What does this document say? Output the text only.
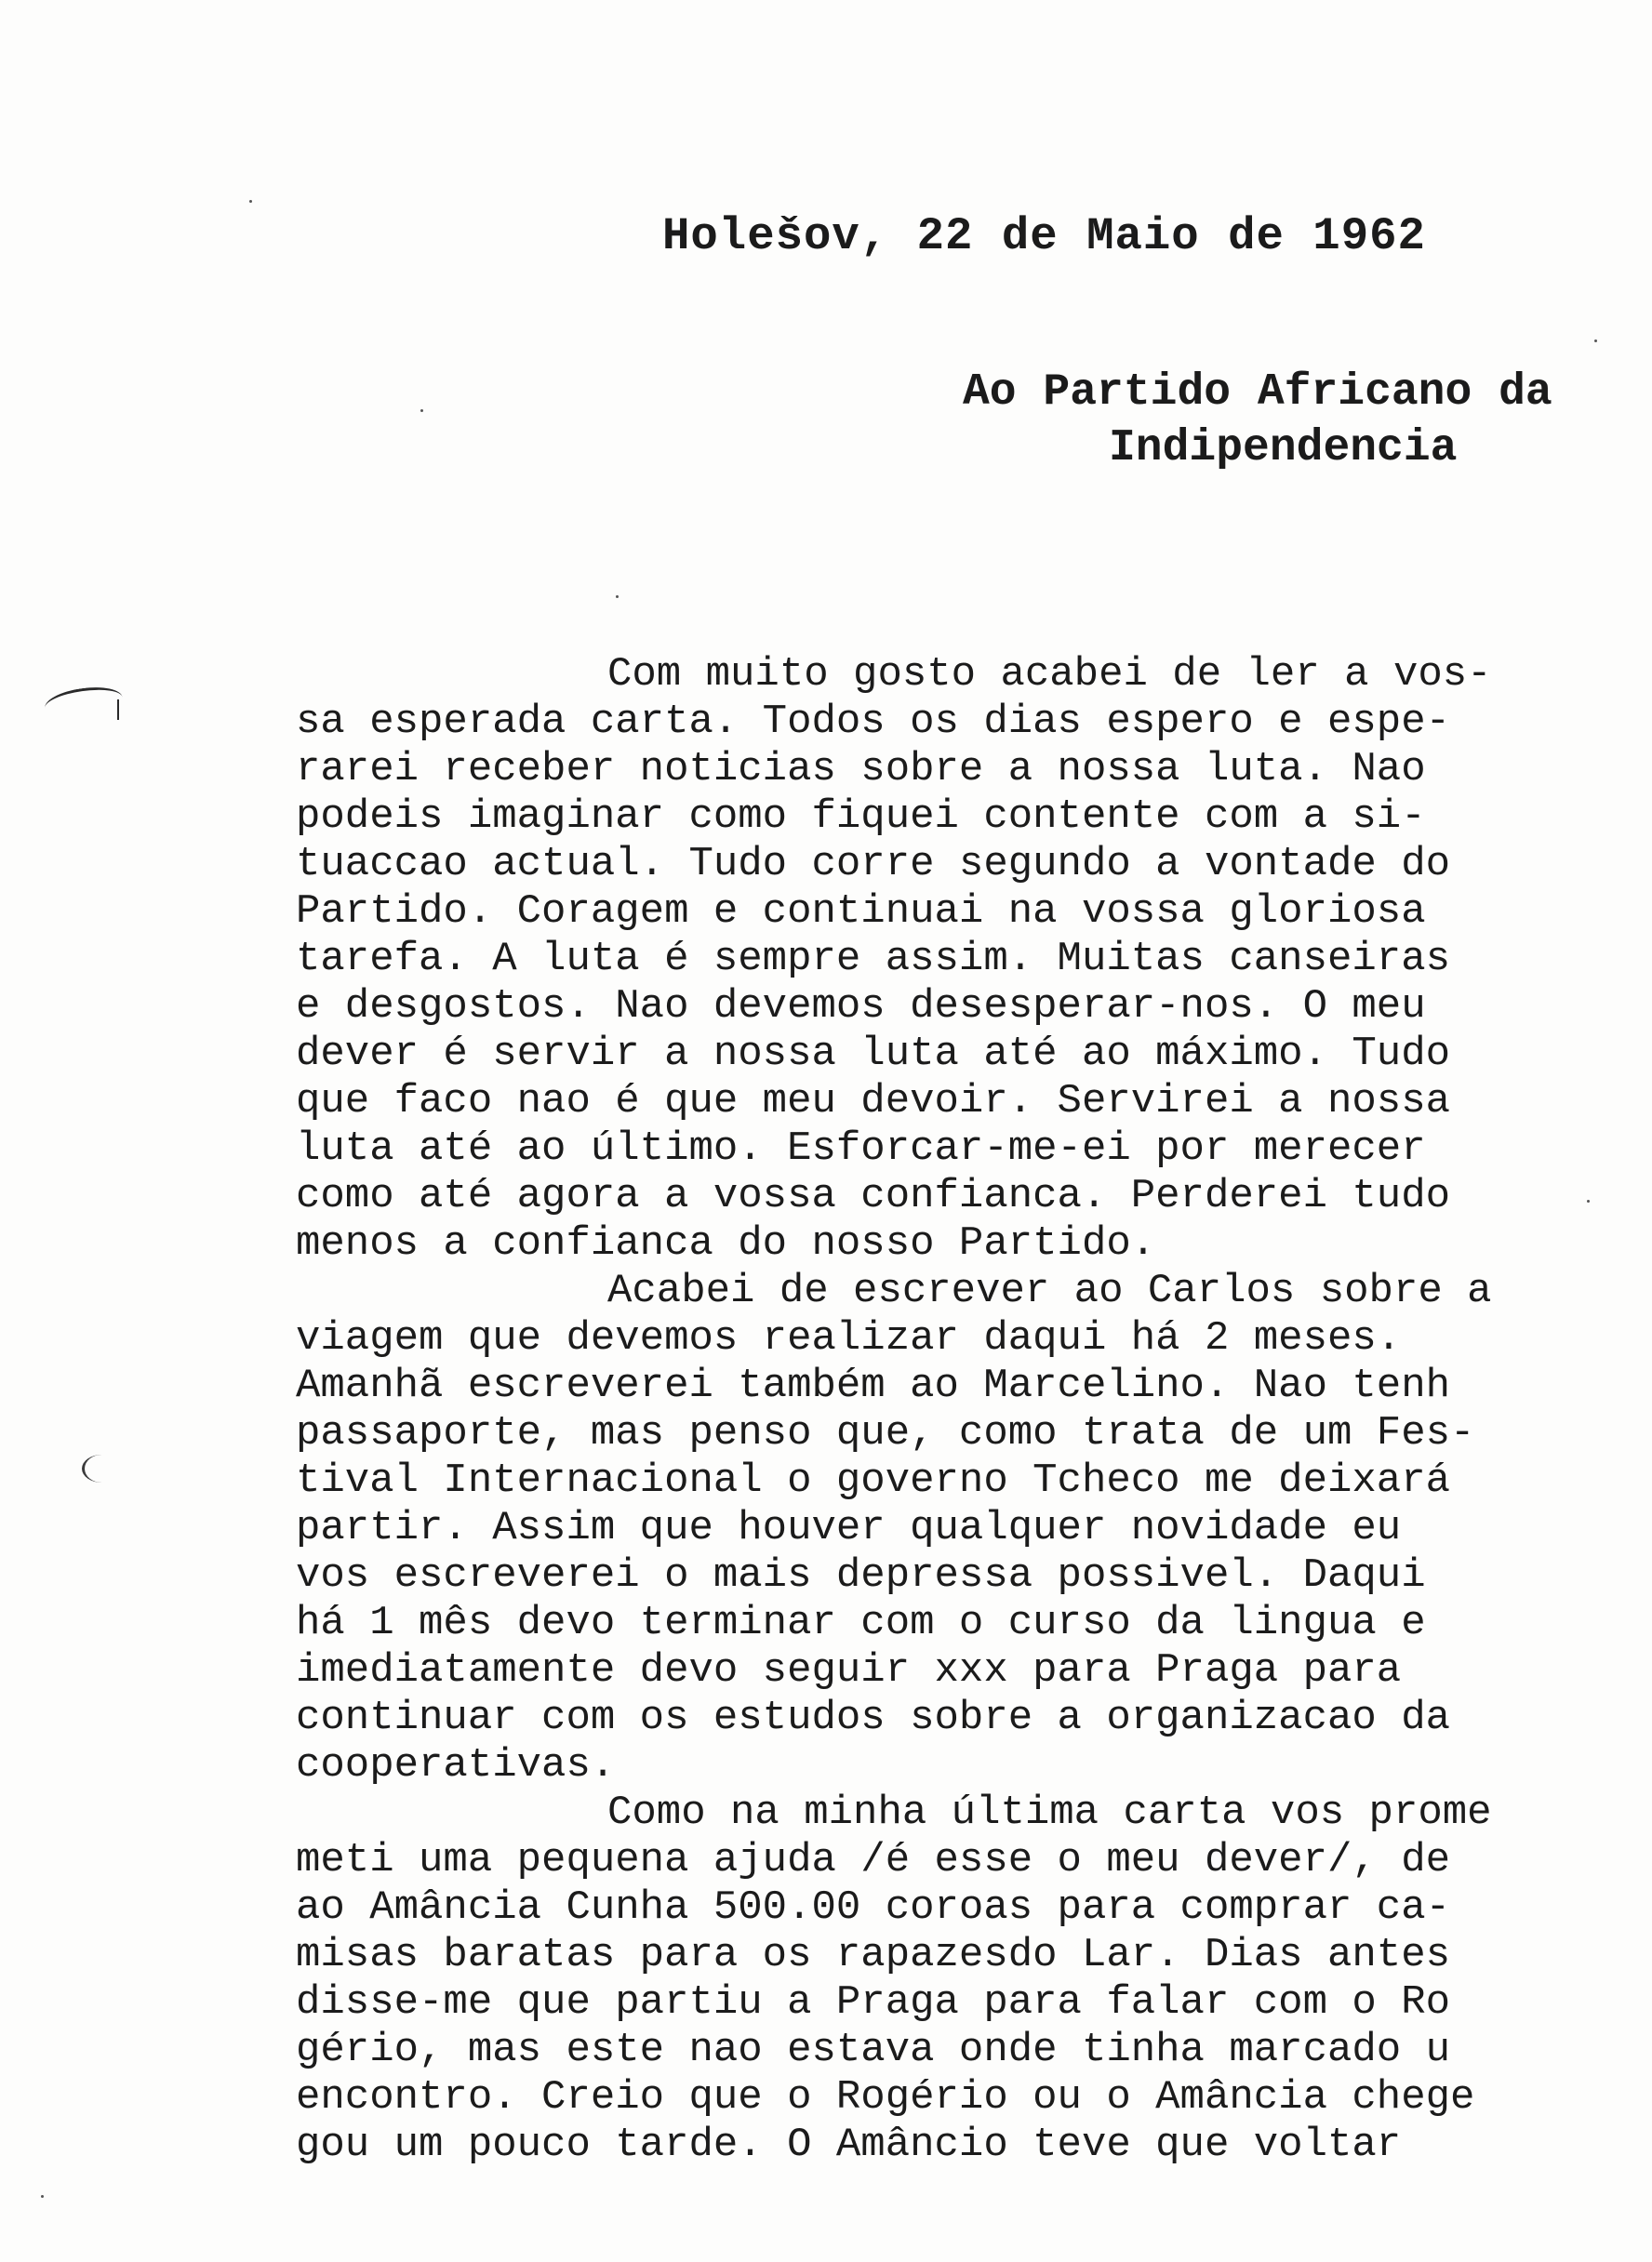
Holešov, 22 de Maio de 1962
Ao Partido Africano da
Indipendencia
Com muito gosto acabei de ler a vos-
sa esperada carta. Todos os dias espero e espe-
rarei receber noticias sobre a nossa luta. Nao
podeis imaginar como fiquei contente com a si-
tuaccao actual. Tudo corre segundo a vontade do
Partido. Coragem e continuai na vossa gloriosa
tarefa. A luta é sempre assim. Muitas canseiras
e desgostos. Nao devemos desesperar-nos. O meu
dever é servir a nossa luta até ao máximo. Tudo
que faco nao é que meu devoir. Servirei a nossa
luta até ao último. Esforcar-me-ei por merecer
como até agora a vossa confianca. Perderei tudo
menos a confianca do nosso Partido.
Acabei de escrever ao Carlos sobre a
viagem que devemos realizar daqui há 2 meses.
Amanhã escreverei também ao Marcelino. Nao tenh
passaporte, mas penso que, como trata de um Fes-
tival Internacional o governo Tcheco me deixará
partir. Assim que houver qualquer novidade eu
vos escreverei o mais depressa possivel. Daqui
há 1 mês devo terminar com o curso da lingua e
imediatamente devo seguir xxx para Praga para
continuar com os estudos sobre a organizacao da
cooperativas.
Como na minha última carta vos prome
meti uma pequena ajuda /é esse o meu dever/, de
ao Amância Cunha 500.00 coroas para comprar ca-
misas baratas para os rapazesdo Lar. Dias antes
disse-me que partiu a Praga para falar com o Ro
gério, mas este nao estava onde tinha marcado u
encontro. Creio que o Rogério ou o Amância chege
gou um pouco tarde. O Amâncio teve que voltar
